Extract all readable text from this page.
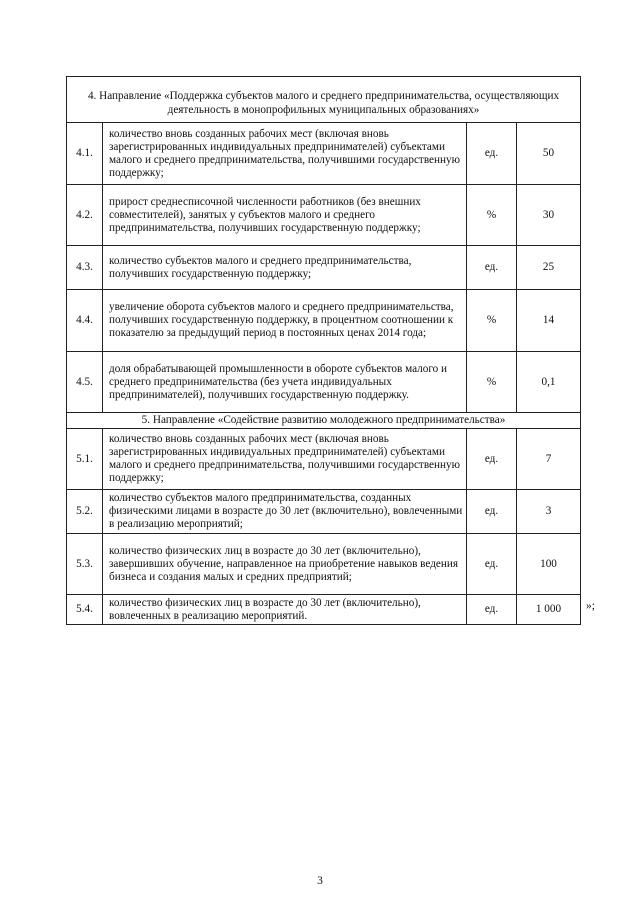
4. Направление «Поддержка субъектов малого и среднего предпринимательства, осуществляющих деятельность в монопрофильных муниципальных образованиях»			
4.1.	количество вновь созданных рабочих мест (включая вновь зарегистрированных индивидуальных предпринимателей) субъектами малого и среднего предпринимательства, получившими государственную поддержку;	ед.	50
4.2.	прирост среднесписочной численности работников (без внешних совместителей), занятых у субъектов малого и среднего предпринимательства, получивших государственную поддержку;	%	30
4.3.	количество субъектов малого и среднего предпринимательства, получивших государственную поддержку;	ед.	25
4.4.	увеличение оборота субъектов малого и среднего предпринимательства, получивших государственную поддержку, в процентном соотношении к показателю за предыдущий период в постоянных ценах 2014 года;	%	14
4.5.	доля обрабатывающей промышленности в обороте субъектов малого и среднего предпринимательства (без учета индивидуальных предпринимателей), получивших государственную поддержку.	%	0,1
5. Направление «Содействие развитию молодежного предпринимательства»			
5.1.	количество вновь созданных рабочих мест (включая вновь зарегистрированных индивидуальных предпринимателей) субъектами малого и среднего предпринимательства, получившими государственную поддержку;	ед.	7
5.2.	количество субъектов малого предпринимательства, созданных физическими лицами в возрасте до 30 лет (включительно), вовлеченными в реализацию мероприятий;	ед.	3
5.3.	количество физических лиц в возрасте до 30 лет (включительно), завершивших обучение, направленное на приобретение навыков ведения бизнеса и создания малых и средних предприятий;	ед.	100
5.4.	количество физических лиц в возрасте до 30 лет (включительно), вовлеченных в реализацию мероприятий.	ед.	1 000 »;
3
